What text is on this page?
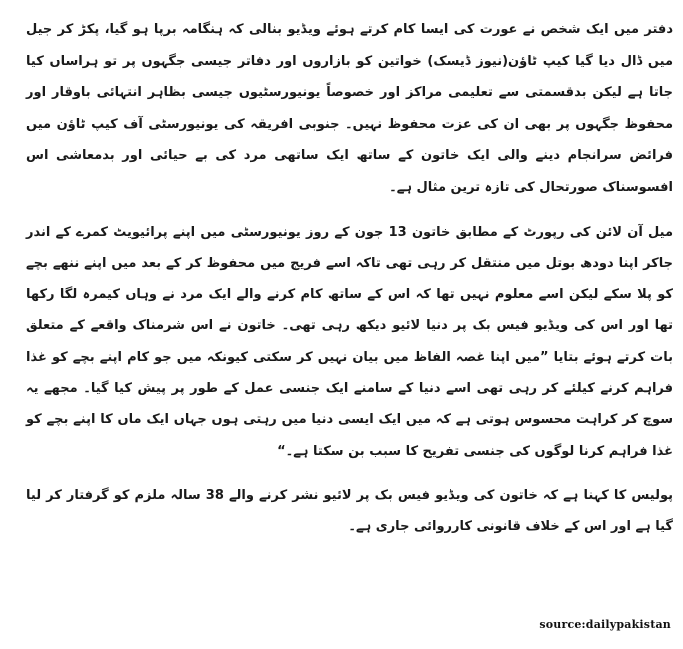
دفتر میں ایک شخص نے عورت کی ایسا کام کرتے ہوئے ویڈیو بنالی کہ ہنگامہ برپا ہو گیا، پکڑ کر جیل میں ڈال دیا گیا کیپ ٹاؤن(نیوز ڈیسک) خواتین کو بازاروں اور دفاتر جیسی جگہوں پر تو ہراساں کیا جاتا ہے لیکن بدقسمتی سے تعلیمی مراکز اور خصوصاً یونیورسٹیوں جیسی بظاہر انتہائی باوقار اور محفوظ جگہوں پر بھی ان کی عزت محفوظ نہیں۔ جنوبی افریقہ کی یونیورسٹی آف کیپ ٹاؤن میں فرائض سرانجام دینے والی ایک خاتون کے ساتھ ایک ساتھی مرد کی بے حیائی اور بدمعاشی اس افسوسناک صورتحال کی تازہ ترین مثال ہے۔

میل آن لائن کی رپورٹ کے مطابق خاتون 13 جون کے روز یونیورسٹی میں اپنے پرائیویٹ کمرے کے اندر جاکر اپنا دودھ بوتل میں منتقل کر رہی تھی تاکہ اسے فریج میں محفوظ کر کے بعد میں اپنے ننھے بچے کو پلا سکے لیکن اسے معلوم نہیں تھا کہ اس کے ساتھ کام کرنے والے ایک مرد نے وہاں کیمرہ لگا رکھا تھا اور اس کی ویڈیو فیس بک پر دنیا لائیو دیکھ رہی تھی۔ خاتون نے اس شرمناک واقعے کے متعلق بات کرتے ہوئے بتایا ”میں اپنا غصہ الفاظ میں بیان نہیں کر سکتی کیونکہ میں جو کام اپنے بچے کو غذا فراہم کرنے کیلئے کر رہی تھی اسے دنیا کے سامنے ایک جنسی عمل کے طور پر پیش کیا گیا۔ مجھے یہ سوچ کر کراہت محسوس ہوتی ہے کہ میں ایک ایسی دنیا میں رہتی ہوں جہاں ایک ماں کا اپنے بچے کو غذا فراہم کرنا لوگوں کی جنسی تفریح کا سبب بن سکتا ہے۔“

پولیس کا کہنا ہے کہ خاتون کی ویڈیو فیس بک پر لائیو نشر کرنے والے 38 سالہ ملزم کو گرفتار کر لیا گیا ہے اور اس کے خلاف قانونی کارروائی جاری ہے۔

source:dailypakistan
